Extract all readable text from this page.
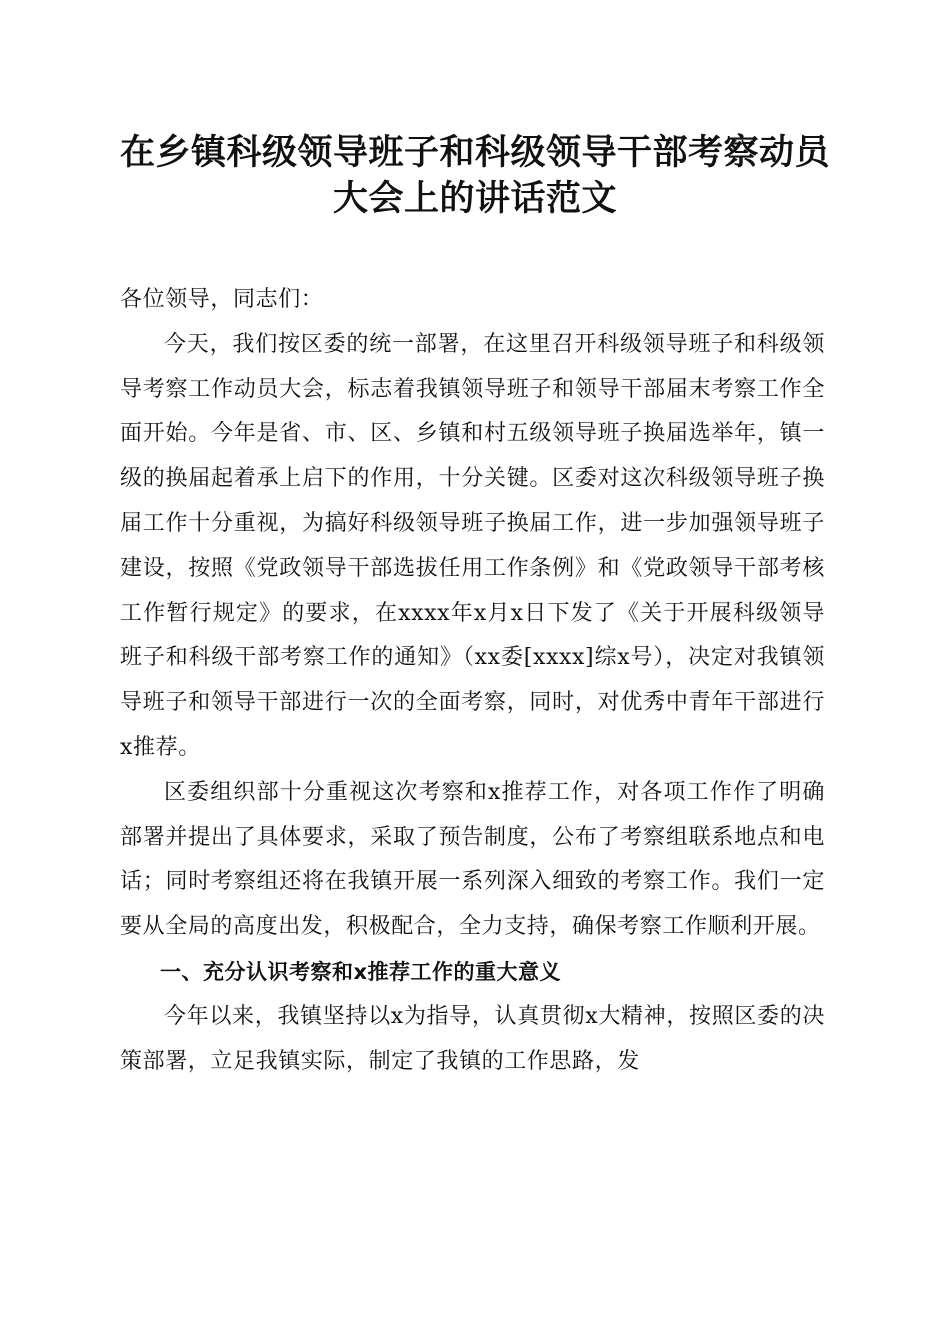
在乡镇科级领导班子和科级领导干部考察动员
大会上的讲话范文

各位领导，同志们：

今天，我们按区委的统一部署，在这里召开科级领导班子和科级领导考察工作动员大会，标志着我镇领导班子和领导干部届末考察工作全面开始。今年是省、市、区、乡镇和村五级领导班子换届选举年，镇一级的换届起着承上启下的作用，十分关键。区委对这次科级领导班子换届工作十分重视，为搞好科级领导班子换届工作，进一步加强领导班子建设，按照《党政领导干部选拔任用工作条例》和《党政领导干部考核工作暂行规定》的要求，在xxxx年x月x日下发了《关于开展科级领导班子和科级干部考察工作的通知》（xx委[xxxx]综x号），决定对我镇领导班子和领导干部进行一次的全面考察，同时，对优秀中青年干部进行x推荐。

区委组织部十分重视这次考察和x推荐工作，对各项工作作了明确部署并提出了具体要求，采取了预告制度，公布了考察组联系地点和电话；同时考察组还将在我镇开展一系列深入细致的考察工作。我们一定要从全局的高度出发，积极配合，全力支持，确保考察工作顺利开展。

一、充分认识考察和x推荐工作的重大意义

今年以来，我镇坚持以x为指导，认真贯彻x大精神，按照区委的决策部署，立足我镇实际，制定了我镇的工作思路，发
